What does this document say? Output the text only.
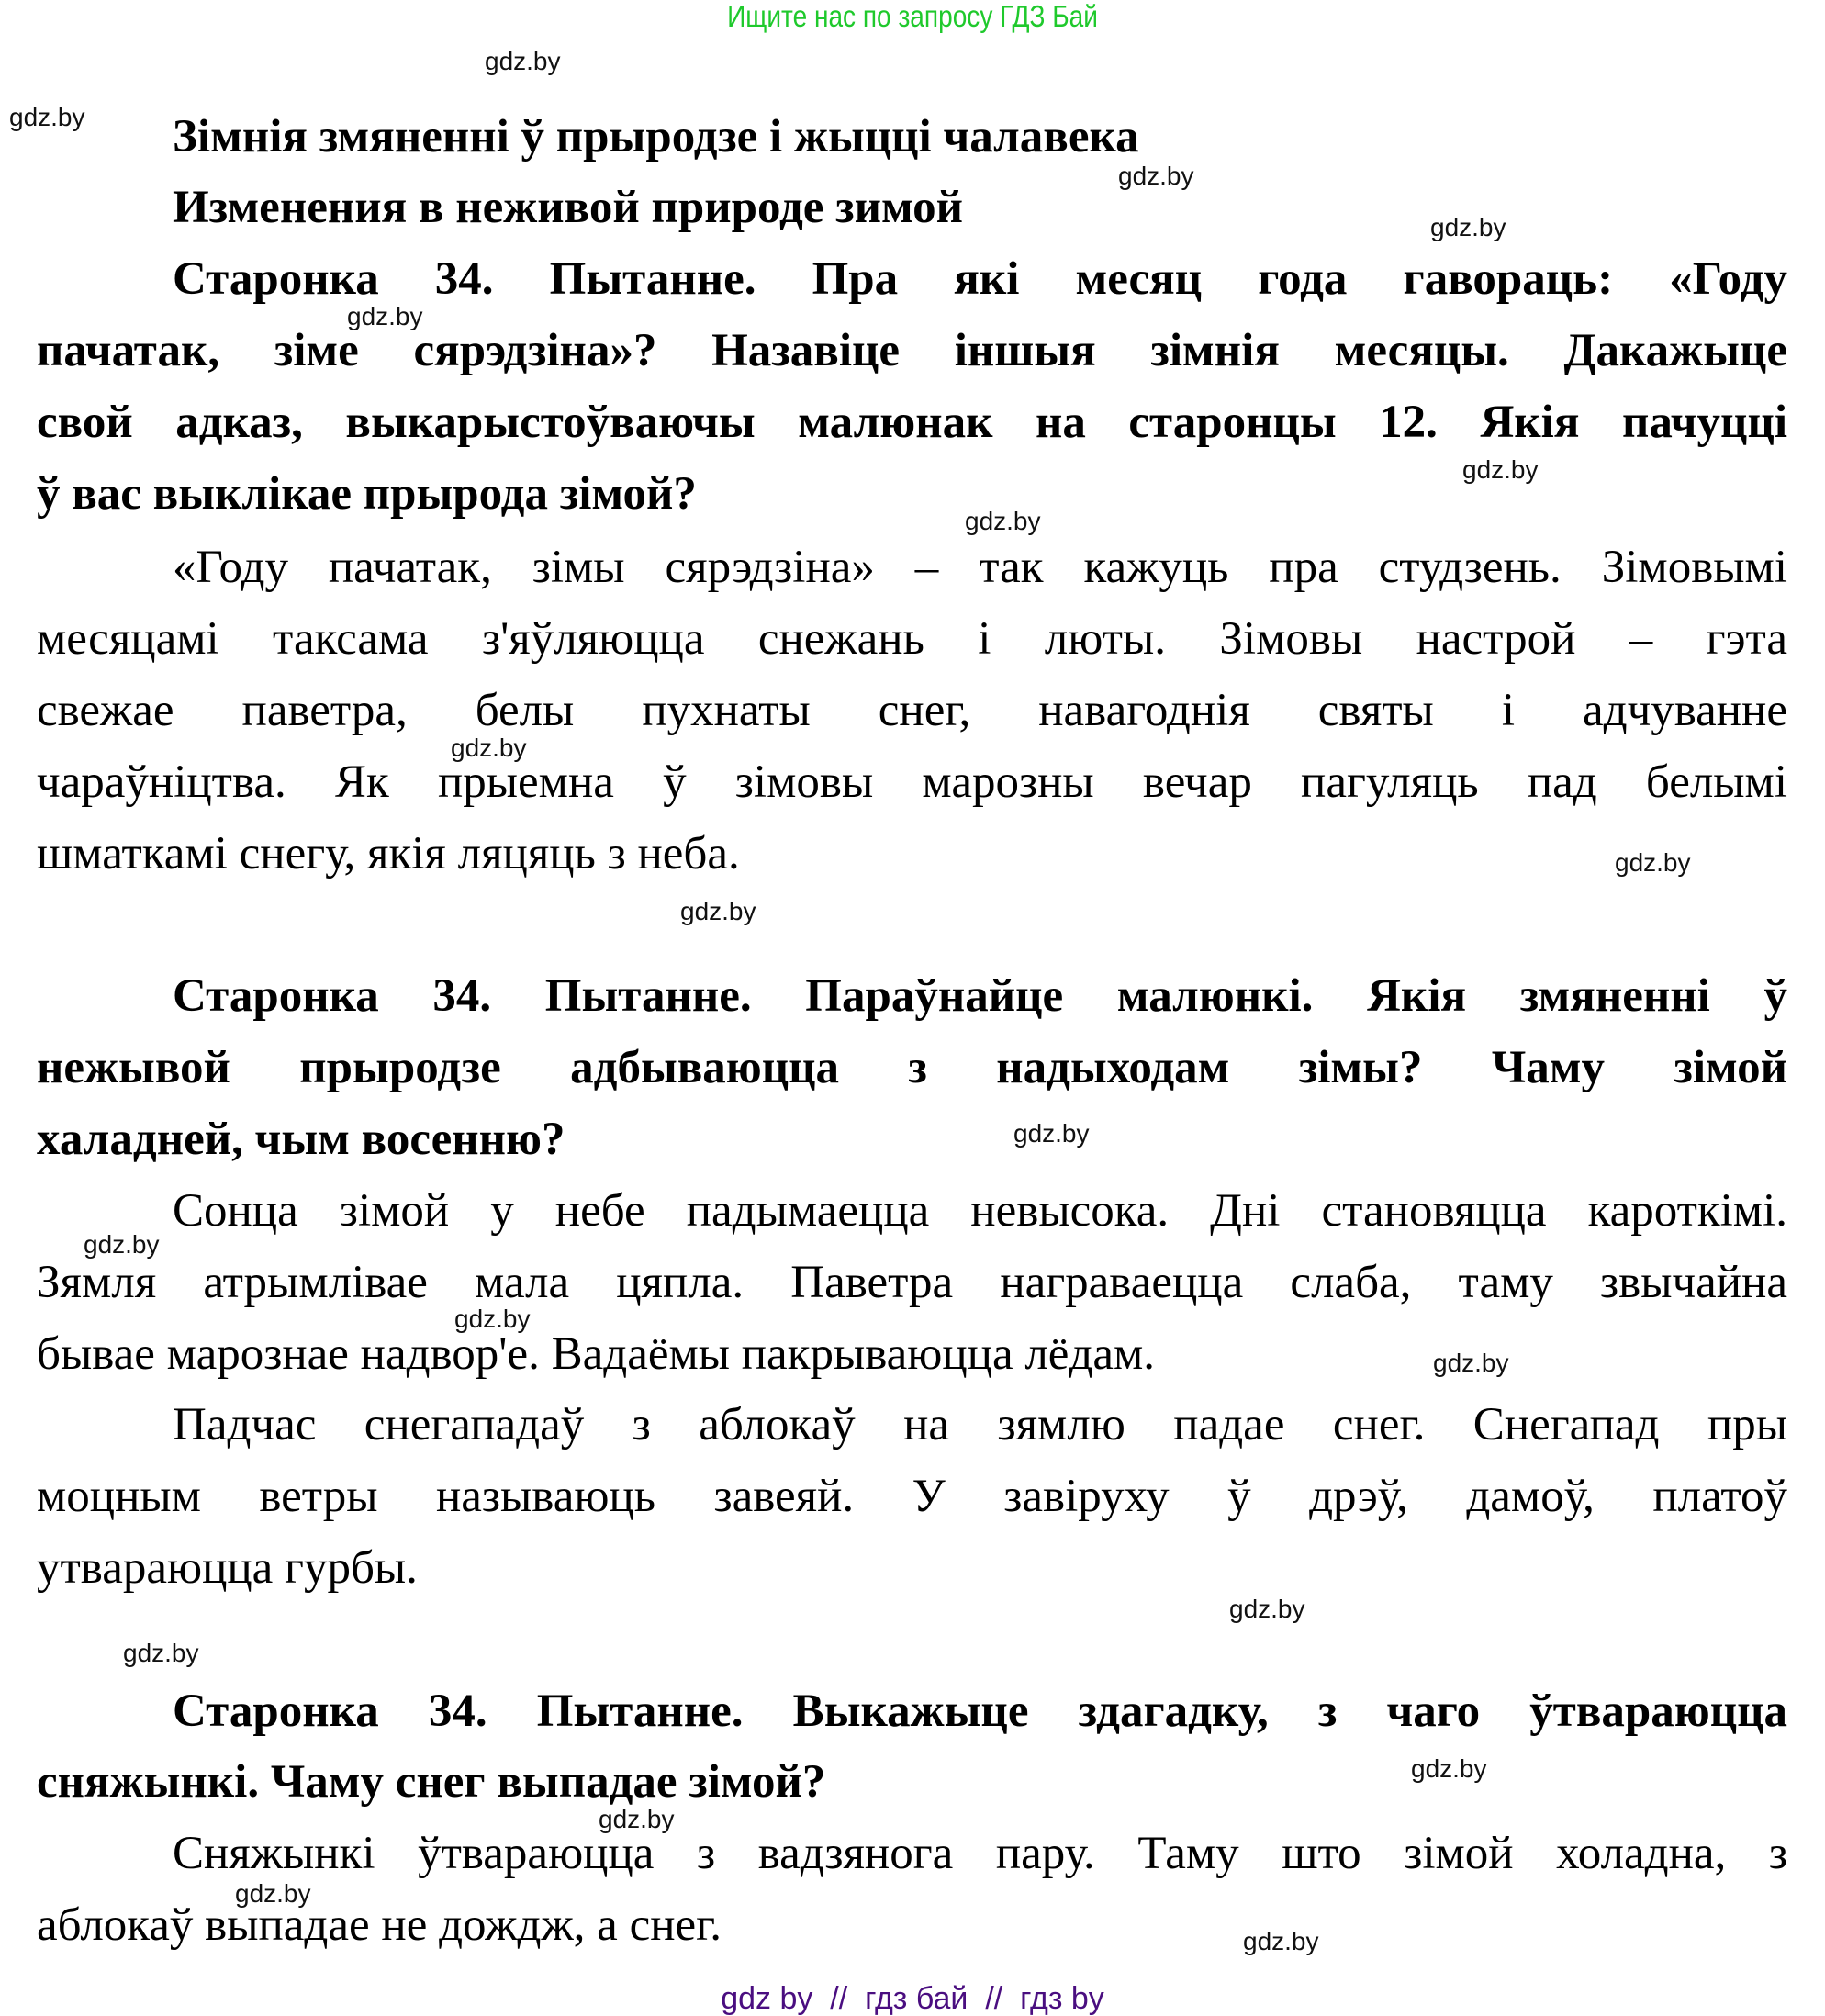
Ищите нас по запросу ГДЗ Бай
Зімнія змяненні ў прыродзе і жыцці чалавека
Изменения в неживой природе зимой
Старонка 34. Пытанне. Пра які месяц года гавораць: «Году
пачатак, зіме сярэдзіна»? Назавіце іншыя зімнія месяцы. Дакажыце
свой адказ, выкарыстоўваючы малюнак на старонцы 12. Якія пачуцці
ў вас выклікае прырода зімой?
«Году пачатак, зімы сярэдзіна» – так кажуць пра студзень. Зімовымі
месяцамі таксама з'яўляюцца снежань і люты. Зімовы настрой – гэта
свежае паветра, белы пухнаты снег, навагоднія святы і адчуванне
чараўніцтва. Як прыемна ў зімовы марозны вечар пагуляць пад белымі
шматкамі снегу, якія ляцяць з неба.
Старонка 34. Пытанне. Параўнайце малюнкі. Якія змяненні ў
нежывой прыродзе адбываюцца з надыходам зімы? Чаму зімой
халадней, чым восенню?
Сонца зімой у небе падымаецца невысока. Дні становяцца кароткімі.
Зямля атрымлівае мала цяпла. Паветра награваецца слаба, таму звычайна
бывае марознае надвор'е. Вадаёмы пакрываюцца лёдам.
Падчас снегападаў з аблокаў на зямлю падае снег. Снегапад пры
моцным ветры называюць завеяй. У завіруху ў дрэў, дамоў, платоў
утвараюцца гурбы.
Старонка 34. Пытанне. Выкажыце здагадку, з чаго ўтвараюцца
сняжынкі. Чаму снег выпадае зімой?
Сняжынкі ўтвараюцца з вадзянога пару. Таму што зімой холадна, з
аблокаў выпадае не дождж, а снег.
gdz by  //  гдз бай  //  гдз by
gdz.by
gdz.by
gdz.by
gdz.by
gdz.by
gdz.by
gdz.by
gdz.by
gdz.by
gdz.by
gdz.by
gdz.by
gdz.by
gdz.by
gdz.by
gdz.by
gdz.by
gdz.by
gdz.by
gdz.by
